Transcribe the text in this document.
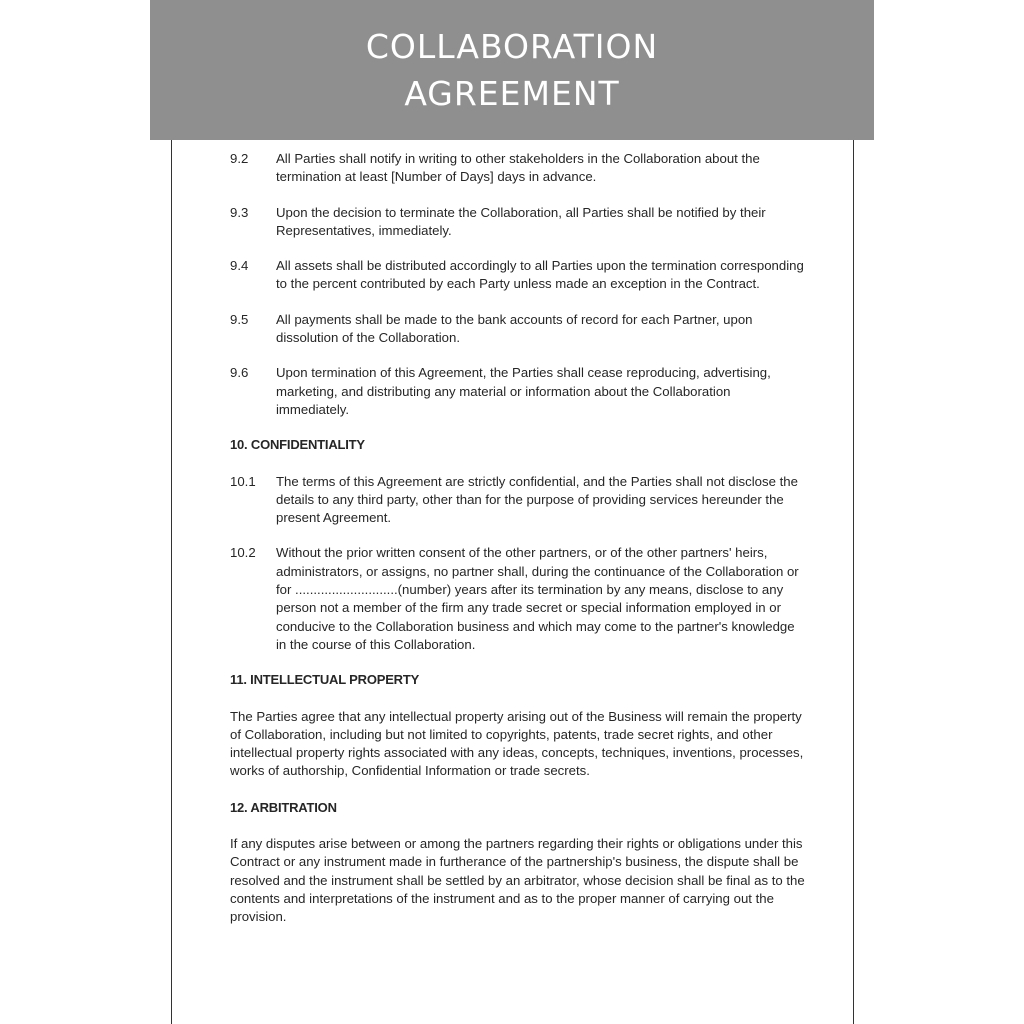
COLLABORATION
AGREEMENT
9.2	All Parties shall notify in writing to other stakeholders in the Collaboration about the termination at least [Number of Days] days in advance.
9.3	Upon the decision to terminate the Collaboration, all Parties shall be notified by their Representatives, immediately.
9.4	All assets shall be distributed accordingly to all Parties upon the termination corresponding to the percent contributed by each Party unless made an exception in the Contract.
9.5	All payments shall be made to the bank accounts of record for each Partner, upon dissolution of the Collaboration.
9.6	Upon termination of this Agreement, the Parties shall cease reproducing, advertising, marketing, and distributing any material or information about the Collaboration immediately.
10. CONFIDENTIALITY
10.1	The terms of this Agreement are strictly confidential, and the Parties shall not disclose the details to any third party, other than for the purpose of providing services hereunder the present Agreement.
10.2	Without the prior written consent of the other partners, or of the other partners' heirs, administrators, or assigns, no partner shall, during the continuance of the Collaboration or for ............................(number) years after its termination by any means, disclose to any person not a member of the firm any trade secret or special information employed in or conducive to the Collaboration business and which may come to the partner's knowledge in the course of this Collaboration.
11. INTELLECTUAL PROPERTY
The Parties agree that any intellectual property arising out of the Business will remain the property of Collaboration, including but not limited to copyrights, patents, trade secret rights, and other intellectual property rights associated with any ideas, concepts, techniques, inventions, processes, works of authorship, Confidential Information or trade secrets.
12. ARBITRATION
If any disputes arise between or among the partners regarding their rights or obligations under this Contract or any instrument made in furtherance of the partnership's business, the dispute shall be resolved and the instrument shall be settled by an arbitrator, whose decision shall be final as to the contents and interpretations of the instrument and as to the proper manner of carrying out the provision.
